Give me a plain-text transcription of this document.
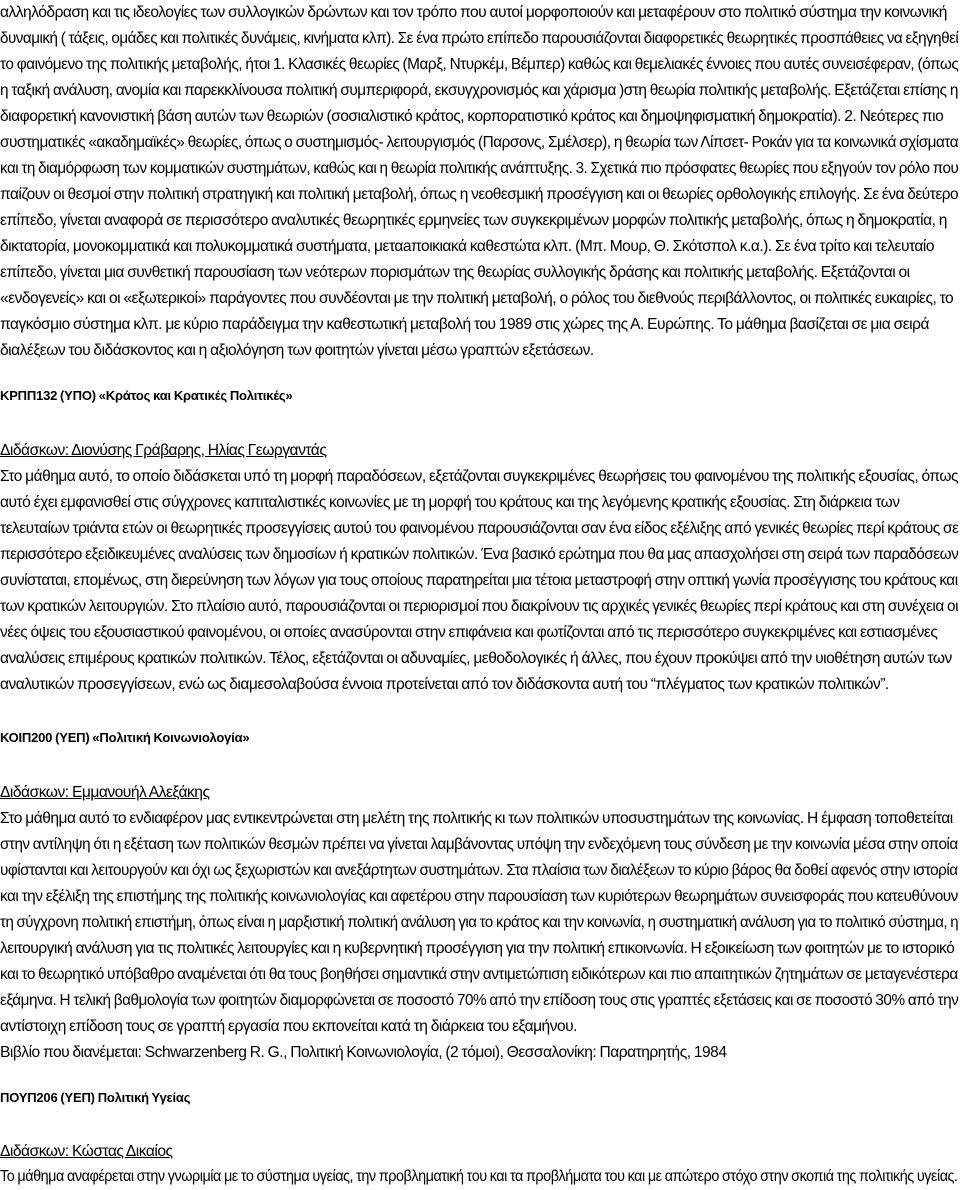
αλληλόδραση και τις ιδεολογίες των συλλογικών δρώντων και τον τρόπο που αυτοί μορφοποιούν και μεταφέρουν στο πολιτικό σύστημα την κοινωνική
δυναμική ( τάξεις, ομάδες και πολιτικές δυνάμεις, κινήματα κλπ). Σε ένα πρώτο επίπεδο παρουσιάζονται διαφορετικές θεωρητικές προσπάθειες να εξηγηθεί
το φαινόμενο της πολιτικής μεταβολής, ήτοι 1. Κλασικές θεωρίες (Μαρξ, Ντυρκέμ, Βέμπερ) καθώς και θεμελιακές έννοιες που αυτές συνεισέφεραν, (όπως
η ταξική ανάλυση, ανομία και παρεκκλίνουσα πολιτική συμπεριφορά, εκσυγχρονισμός και χάρισμα )στη θεωρία πολιτικής μεταβολής. Εξετάζεται επίσης η
διαφορετική κανονιστική βάση αυτών των θεωριών (σοσιαλιστικό κράτος, κορπορατιστικό κράτος και δημοψηφισματική δημοκρατία). 2. Νεότερες πιο
συστηματικές «ακαδημαϊκές» θεωρίες, όπως ο συστημισμός- λειτουργισμός (Παρσονς, Σμέλσερ), η θεωρία των Λίπσετ- Ροκάν για τα κοινωνικά σχίσματα
και τη διαμόρφωση των κομματικών συστημάτων, καθώς και η θεωρία πολιτικής ανάπτυξης. 3. Σχετικά πιο πρόσφατες θεωρίες που εξηγούν τον ρόλο που
παίζουν οι θεσμοί στην πολιτική στρατηγική και πολιτική μεταβολή, όπως η νεοθεσμική προσέγγιση και οι θεωρίες ορθολογικής επιλογής. Σε ένα δεύτερο
επίπεδο, γίνεται αναφορά σε περισσότερο αναλυτικές θεωρητικές ερμηνείες των συγκεκριμένων μορφών πολιτικής μεταβολής, όπως η δημοκρατία, η
δικτατορία, μονοκομματικά και πολυκομματικά συστήματα, μεταaποικιακά καθεστώτα κλπ. (Μπ. Μουρ, Θ. Σκότσπολ κ.α.). Σε ένα τρίτο και τελευταίο
επίπεδο, γίνεται μια συνθετική παρουσίαση των νεότερων πορισμάτων της θεωρίας συλλογικής δράσης και πολιτικής μεταβολής. Εξετάζονται οι
«ενδογενείς» και οι «εξωτερικοί» παράγοντες που συνδέονται με την πολιτική μεταβολή, ο ρόλος του διεθνούς περιβάλλοντος, οι πολιτικές ευκαιρίες, το
παγκόσμιο σύστημα κλπ. με κύριο παράδειγμα την καθεστωτική μεταβολή του 1989 στις χώρες της Α. Ευρώπης. Το μάθημα βασίζεται σε μια σειρά
διαλέξεων του διδάσκοντος και η αξιολόγηση των φοιτητών γίνεται μέσω γραπτών εξετάσεων.
ΚΡΠΠ132 (ΥΠΟ) «Κράτος και Κρατικές Πολιτικές»
Διδάσκων: Διονύσης Γράβαρης, Ηλίας Γεωργαντάς
Στο μάθημα αυτό, το οποίο διδάσκεται υπό τη μορφή παραδόσεων, εξετάζονται συγκεκριμένες θεωρήσεις του φαινομένου της πολιτικής εξουσίας, όπως
αυτό έχει εμφανισθεί στις σύγχρονες καπιταλιστικές κοινωνίες με τη μορφή του κράτους και της λεγόμενης κρατικής εξουσίας. Στη διάρκεια των
τελευταίων τριάντα ετών οι θεωρητικές προσεγγίσεις αυτού του φαινομένου παρουσιάζονται σαν ένα είδος εξέλιξης από γενικές θεωρίες περί κράτους σε
περισσότερο εξειδικευμένες αναλύσεις των δημοσίων ή κρατικών πολιτικών. Ένα βασικό ερώτημα που θα μας απασχολήσει στη σειρά των παραδόσεων
συνίσταται, επομένως, στη διερεύνηση των λόγων για τους οποίους παρατηρείται μια τέτοια μεταστροφή στην οπτική γωνία προσέγγισης του κράτους και
των κρατικών λειτουργιών. Στο πλαίσιο αυτό, παρουσιάζονται οι περιορισμοί που διακρίνουν τις αρχικές γενικές θεωρίες περί κράτους και στη συνέχεια οι
νέες όψεις του εξουσιαστικού φαινομένου, οι οποίες ανασύρονται στην επιφάνεια και φωτίζονται από τις περισσότερο συγκεκριμένες και εστιασμένες
αναλύσεις επιμέρους κρατικών πολιτικών. Τέλος, εξετάζονται οι αδυναμίες, μεθοδολογικές ή άλλες, που έχουν προκύψει από την υιοθέτηση αυτών των
αναλυτικών προσεγγίσεων, ενώ ως διαμεσολαβούσα έννοια προτείνεται από τον διδάσκοντα αυτή του “πλέγματος των κρατικών πολιτικών”.
ΚΟΙΠ200 (ΥΕΠ) «Πολιτική Κοινωνιολογία»
Διδάσκων: Εμμανουήλ Αλεξάκης
Στο μάθημα αυτό το ενδιαφέρον μας εντικεντρώνεται στη μελέτη της πολιτικής κι των πολιτικών υποσυστημάτων της κοινωνίας. Η έμφαση τοποθετείται
στην αντίληψη ότι η εξέταση των πολιτικών θεσμών πρέπει να γίνεται λαμβάνοντας υπόψη την ενδεχόμενη τους σύνδεση με την κοινωνία μέσα στην οποία
υφίστανται και λειτουργούν και όχι ως ξεχωριστών και ανεξάρτητων συστημάτων. Στα πλαίσια των διαλέξεων το κύριο βάρος θα δοθεί αφενός στην ιστορία
και την εξέλιξη της επιστήμης της πολιτικής κοινωνιολογίας και αφετέρου στην παρουσίαση των κυριότερων θεωρημάτων συνεισφοράς που κατευθύνουν
τη σύγχρονη πολιτική επιστήμη, όπως είναι η μαρξιστική πολιτική ανάλυση για το κράτος και την κοινωνία, η συστηματική ανάλυση για το πολιτικό σύστημα, η
λειτουργική ανάλυση για τις πολιτικές λειτουργίες και η κυβερνητική προσέγγιση για την πολιτική επικοινωνία. Η εξοικείωση των φοιτητών με το ιστορικό
και το θεωρητικό υπόβαθρο αναμένεται ότι θα τους βοηθήσει σημαντικά στην αντιμετώπιση ειδικότερων και πιο απαιτητικών ζητημάτων σε μεταγενέστερα
εξάμηνα. Η τελική βαθμολογία των φοιτητών διαμορφώνεται σε ποσοστό 70% από την επίδοση τους στις γραπτές εξετάσεις και σε ποσοστό 30% από την
αντίστοιχη επίδοση τους σε γραπτή εργασία που εκπονείται κατά τη διάρκεια του εξαμήνου.
Βιβλίο που διανέμεται: Schwarzenberg R. G., Πολιτική Κοινωνιολογία, (2 τόμοι), Θεσσαλονίκη: Παρατηρητής, 1984
ΠΟΥΠ206 (ΥΕΠ) Πολιτική Υγείας
Διδάσκων: Κώστας Δικαίος
Το μάθημα αναφέρεται στην γνωριμία με το σύστημα υγείας, την προβληματική του και τα προβλήματα του και με απώτερο στόχο στην σκοπιά της πολιτικής υγείας.
